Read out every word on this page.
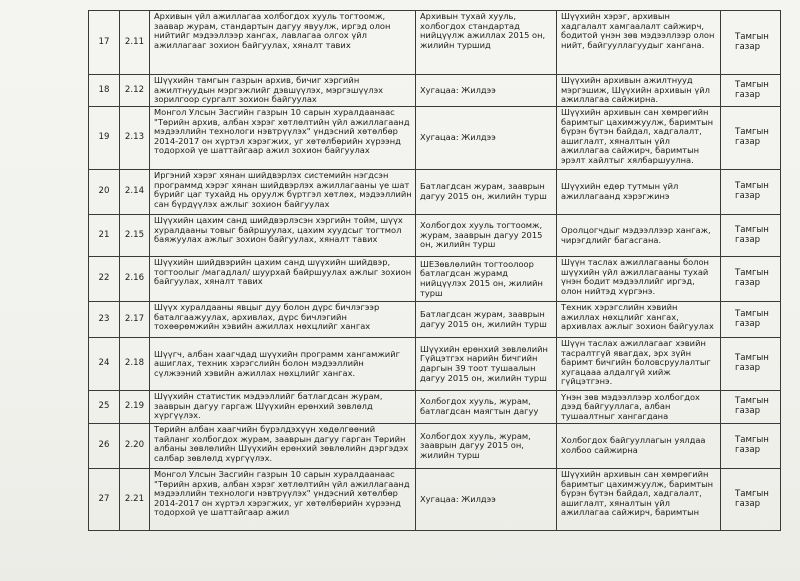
17	2.11	Архивын үйл ажиллагаа холбогдох хууль тогтоомж, заавар журам, стандартын дагуу явуулж, иргэд олон нийтийг мэдээллээр хангах, лавлагаа олгох үйл ажиллагааг зохион байгуулах, хяналт тавих	Архивын тухай хууль, холбогдох стандартад нийцүүлж ажиллах 2015 он, жилийн туршид	Шүүхийн хэрэг, архивын хадгалалт хамгаалалт сайжирч, бодитой үнэн зөв мэдээллээр олон нийт, байгууллагуудыг хангана.	Тамгын газар
18	2.12	Шүүхийн тамгын газрын архив, бичиг хэргийн ажилтнуудын мэргэжлийг дэвшүүлэх, мэргэшүүлэх зорилгоор сургалт зохион байгуулах	Хугацаа: Жилдээ	Шүүхийн архивын ажилтнууд мэргэшиж, Шүүхийн архивын үйл ажиллагаа сайжирна.	Тамгын газар
19	2.13	Монгол Улсын Засгийн газрын 10 сарын хуралдаанаас "Төрийн архив, албан хэрэг хөтлөлтийн үйл ажиллагаанд мэдээллийн технологи нэвтрүүлэх" үндэсний хөтөлбөр 2014-2017 он хүртэл хэрэгжих, уг хөтөлбөрийн хүрээнд тодорхой үе шаттайгаар ажил зохион байгуулах	Хугацаа: Жилдээ	Шүүхийн архивын сан хөмрөгийн баримтыг цахимжуулж, баримтын бүрэн бүтэн байдал, хадгалалт, ашиглалт, хяналтын үйл ажиллагаа сайжирч, баримтын эрэлт хайлтыг хялбаршуулна.	Тамгын газар
20	2.14	Иргэний хэрэг хянан шийдвэрлэх системийн нэгдсэн программд хэрэг хянан шийдвэрлэх ажиллагааны үе шат бүрийг цаг тухайд нь оруулж бүртгэл хөтлөх, мэдээллийн сан бүрдүүлэх ажлыг зохион байгуулах	Батлагдсан журам, зааврын дагуу 2015 он, жилийн турш	Шүүхийн едөр тутмын үйл ажиллагаанд хэрэгжинэ	Тамгын газар
21	2.15	Шүүхийн цахим санд шийдвэрлэсэн хэргийн тойм, шүүх хуралдааны товыг байршуулах, цахим хуудсыг тогтмол баяжуулах ажлыг зохион байгуулах, хяналт тавих	Холбогдох хууль тогтоомж, журам, зааврын дагуу 2015 он, жилийн турш	Оролцогчдыг мэдээллээр хангаж, чирэгдлийг багасгана.	Тамгын газар
22	2.16	Шүүхийн шийдвэрийн цахим санд шүүхийн шийдвэр, тогтоолыг /магадлал/ шуурхай байршуулах ажлыг зохион байгуулах, хяналт тавих	ШЕЗөвлөлийн тогтоолоор батлагдсан журамд нийцүүлэх 2015 он, жилийн турш	Шүүн таслах ажиллагааны болон шүүхийн үйл ажиллагааны тухай үнэн бодит мэдээллийг иргэд, олон нийтэд хүргэнэ.	Тамгын газар
23	2.17	Шүүх хуралдааны явцыг дуу болон дүрс бичлэгээр баталгаажуулах, архивлах, дүрс бичлэгийн тохөөрөмжийн хэвийн ажиллах нөхцлийг хангах	Батлагдсан журам, зааврын дагуу 2015 он, жилийн турш	Техник хэрэгслийн хэвийн ажиллах нөхцлийг хангах, архивлах ажлыг зохион байгуулах	Тамгын газар
24	2.18	Шүүгч, албан хаагчдад шүүхийн программ хангамжийг ашиглах, техник хэрэгслийн болон мэдээллийн сүлжээний хэвийн ажиллах нөхцлийг хангах.	Шүүхийн ерөнхий зөвлөлийн Гүйцэтгэх нарийн бичгийн даргын 39 тоот тушаалын дагуу 2015 он, жилийн турш	Шүүн таслах ажиллагааг хэвийн тасралтгүй явагдах, эрх зүйн баримт бичгийн боловсруулалтыг хугацааа алдалгүй хийж гүйцэтгэнэ.	Тамгын газар
25	2.19	Шүүхийн статистик мэдээллийг батлагдсан журам, зааврын дагуу гаргаж Шүүхийн ерөнхий зөвлөлд хүргүүлэх.	Холбогдох хууль, журам, батлагдсан маягтын дагуу	Үнэн зөв мэдээллээр холбогдох дээд байгууллага, албан тушаалтныг хангагдана	Тамгын газар
26	2.20	Төрийн албан хаагчийн бүрэлдэхүүн хөдөлгөөний тайланг холбогдох журам, зааврын дагуу гарган Төрийн албаны зөвлөлийн Шүүхийн ерөнхий зөвлөлийн дэргэдэх салбар зөвлөлд хүргүүлэх.	Холбогдох хууль, журам, зааврын дагуу 2015 он, жилийн турш	Холбогдох байгууллагын уялдаа холбоо сайжирна	Тамгын газар
27	2.21	Монгол Улсын Засгийн газрын 10 сарын хуралдаанаас "Төрийн архив, албан хэрэг хөтлөлтийн үйл ажиллагаанд мэдээллийн технологи нэвтрүүлэх" үндэсний хөтөлбөр 2014-2017 он хүртэл хэрэгжих, уг хөтөлбөрийн хүрээнд тодорхой үе шаттайгаар ажил	Хугацаа: Жилдээ	Шүүхийн архивын сан хөмрөгийн баримтыг цахимжуулж, баримтын бүрэн бүтэн байдал, хадгалалт, ашиглалт, хяналтын үйл ажиллагаа сайжирч, баримтын	Тамгын газар
